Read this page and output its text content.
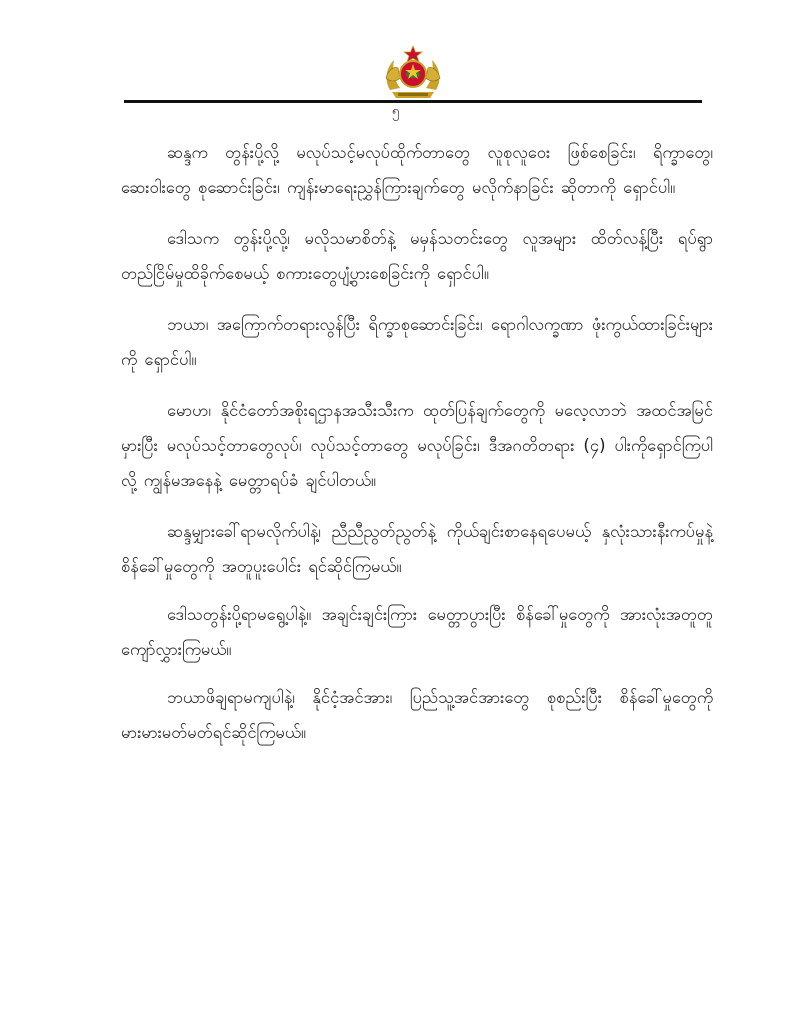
၅

ဆန္ဒက တွန်းပို့လို့ မလုပ်သင့်မလုပ်ထိုက်တာတွေ လူစုလူဝေး ဖြစ်စေခြင်း၊ ရိက္ခာတွေ၊ ဆေးဝါးတွေ စုဆောင်းခြင်း၊ ကျန်းမာရေးညွှန်ကြားချက်တွေ မလိုက်နာခြင်း ဆိုတာကို ရှောင်ပါ။

ဒေါသက တွန်းပို့လို့၊ မလိုသမာစိတ်နဲ့ မမှန်သတင်းတွေ လူအများ ထိတ်လန့်ပြီး ရပ်ရွာတည်ငြိမ်မှုထိခိုက်စေမယ့် စကားတွေပျံ့ပွားစေခြင်းကို ရှောင်ပါ။

ဘယာ၊ အကြောက်တရားလွန်ပြီး ရိက္ခာစုဆောင်းခြင်း၊ ရောဂါလက္ခဏာ ဖုံးကွယ်ထားခြင်းများကို ရှောင်ပါ။

မောဟ၊ နိုင်ငံတော်အစိုးရဌာနအသီးသီးက ထုတ်ပြန်ချက်တွေကို မလေ့လာဘဲ အထင်အမြင်မှားပြီး မလုပ်သင့်တာတွေလုပ်၊ လုပ်သင့်တာတွေ မလုပ်ခြင်း၊ ဒီအဂတိတရား (၄) ပါးကိုရှောင်ကြပါလို့ ကျွန်မအနေနဲ့ မေတ္တာရပ်ခံ ချင်ပါတယ်။

ဆန္ဒမျှားခေါ်ရာမလိုက်ပါနဲ့၊ ညီညီညွတ်ညွတ်နဲ့ ကိုယ်ချင်းစာနေရပေမယ့် နှလုံးသားနီးကပ်မှုနဲ့ စိန်ခေါ်မှုတွေကို အတူပူးပေါင်း ရင်ဆိုင်ကြမယ်။

ဒေါသတွန်းပို့ရာမရွေ့ပါနဲ့။ အချင်းချင်းကြား မေတ္တာပွားပြီး စိန်ခေါ်မှုတွေကို အားလုံးအတူတူကျော်လွှားကြမယ်။

ဘယာဖိချရာမကျပါနဲ့၊ နိုင်ငံ့အင်အား၊ ပြည်သူ့အင်အားတွေ စုစည်းပြီး စိန်ခေါ်မှုတွေကို မားမားမတ်မတ်ရင်ဆိုင်ကြမယ်။
